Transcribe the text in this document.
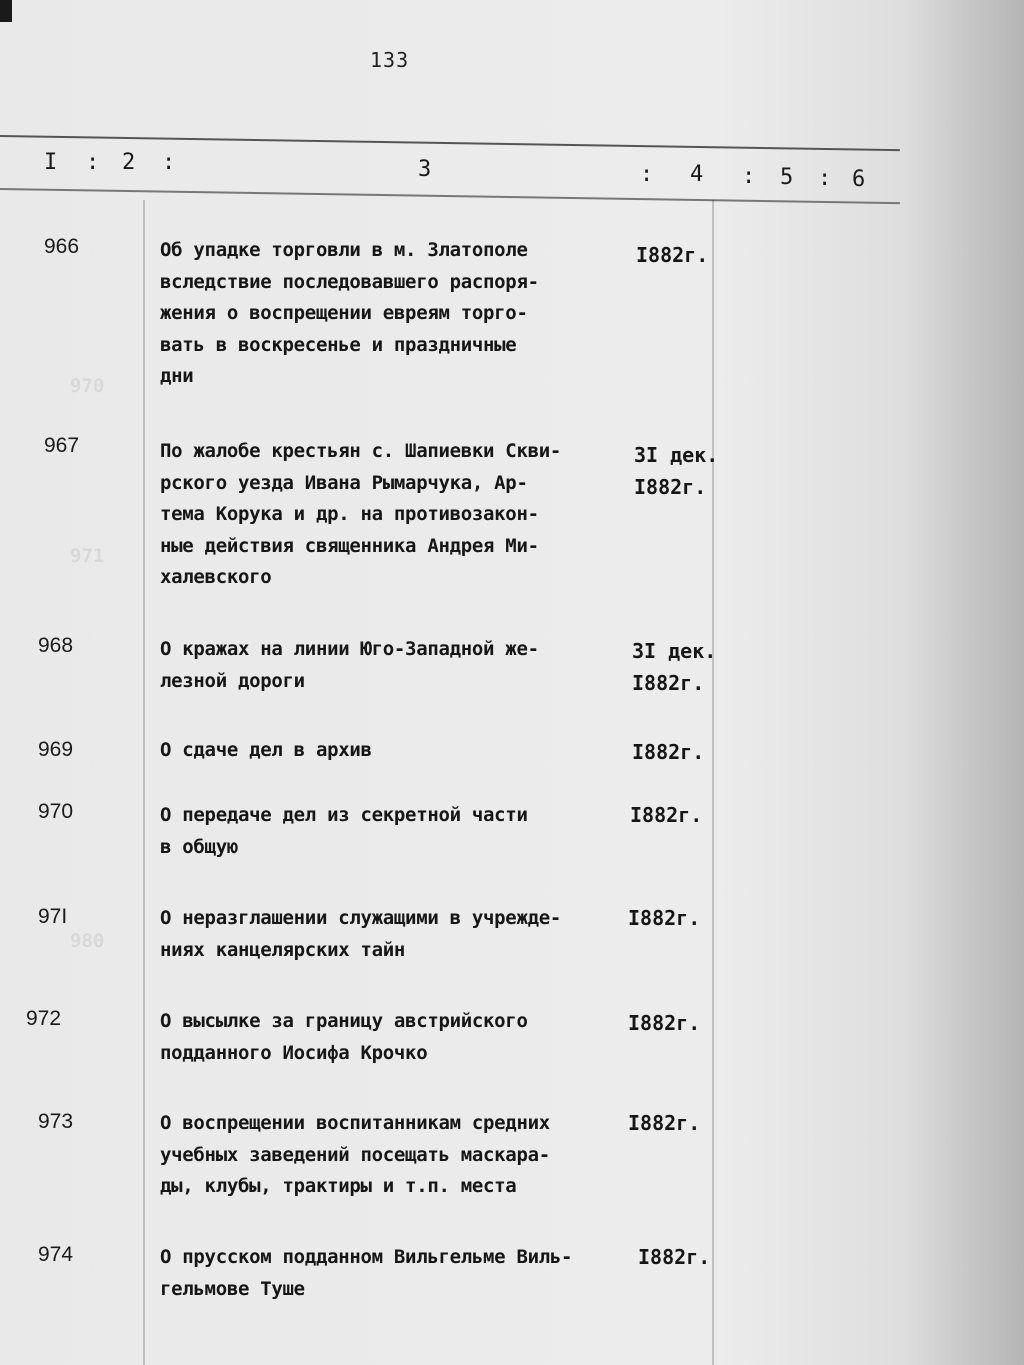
970
971
980
133
I : 2 :	3	: 4 : 5 : 6
966	Об упадке торговли в м. Златополе
вследствие последовавшего распоря-
жения о воспрещении евреям торго-
вать в воскресенье и праздничные
дни
I882г.
967	По жалобе крестьян с. Шапиевки Скви-
рского уезда Ивана Рымарчука, Ар-
тема Корука и др. на противозакон-
ные действия священника Андрея Ми-
халевского
3I дек.
I882г.
968	О кражах на линии Юго-Западной же-
лезной дороги
3I дек.
I882г.
969	О сдаче дел в архив	I882г.
970	О передаче дел из секретной части
в общую
I882г.
97I	О неразглашении служащими в учрежде-
ниях канцелярских тайн
I882г.
972	О высылке за границу австрийского
подданного Иосифа Крочко
I882г.
973	О воспрещении воспитанникам средних
учебных заведений посещать маскара-
ды, клубы, трактиры и т.п. места
I882г.
974	О прусском подданном Вильгельме Виль-
гельмове Туше
I882г.
